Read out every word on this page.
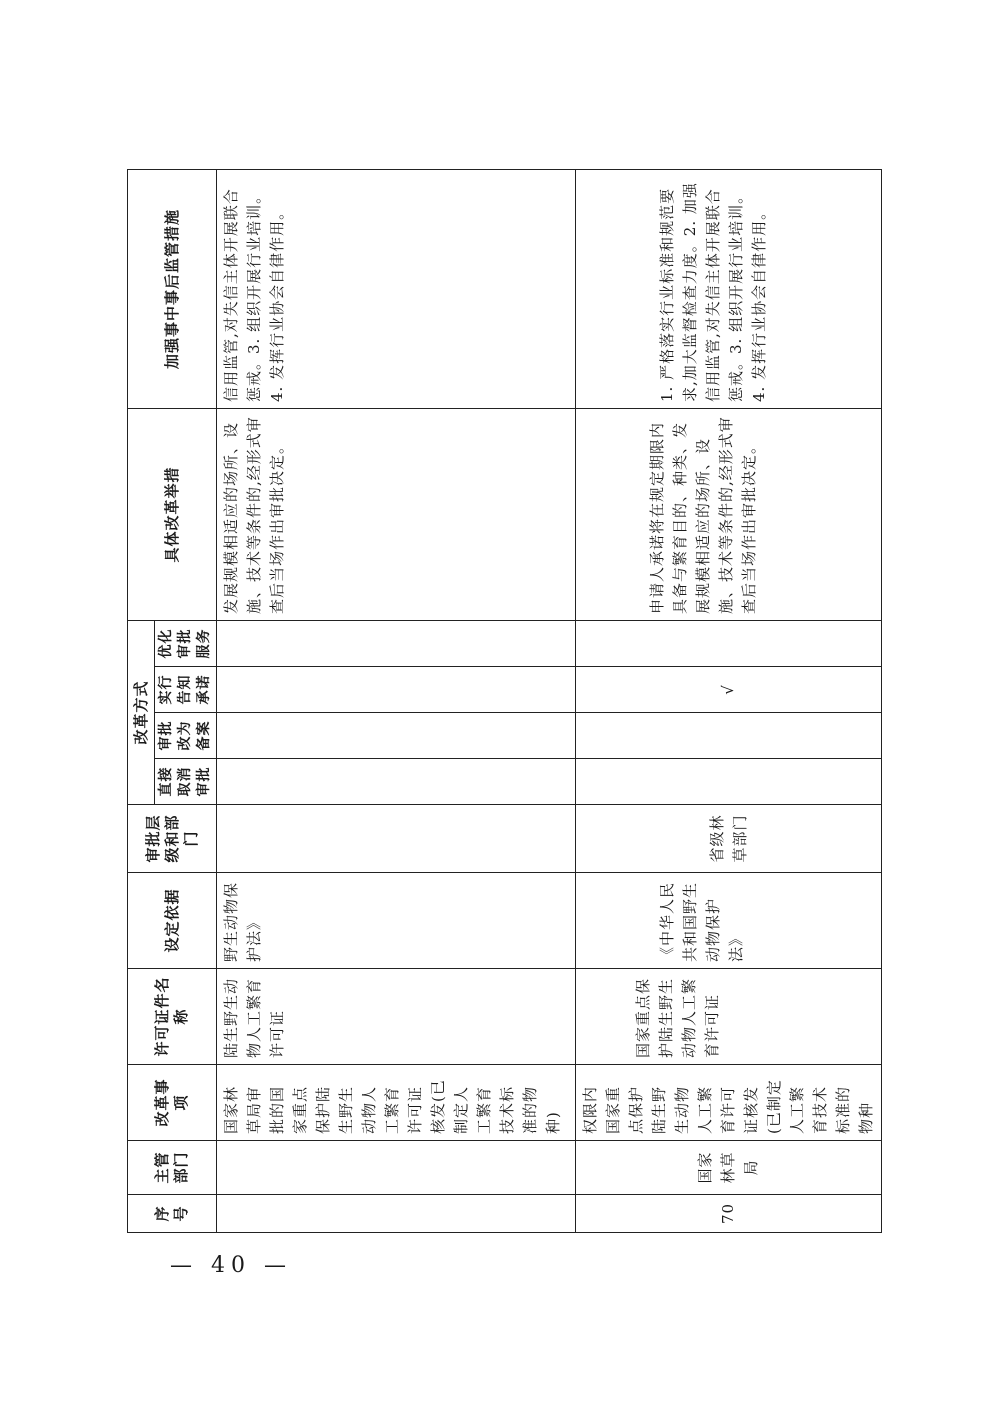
序号	主管部门	改革事项	许可证件名称	设定依据	审批层级和部门	改革方式				具体改革举措	加强事中事后监管措施
						直接取消审批	审批改为备案	实行告知承诺	优化审批服务		
		国家林草局审批的国家重点保护陆生野生动物人工繁育许可证核发(已制定人工繁育技术标准的物种)	陆生野生动物人工繁育许可证	野生动物保护法》						发展规模相适应的场所、设施、技术等条件的,经形式审查后当场作出审批决定。	信用监管,对失信主体开展联合惩戒。3. 组织开展行业培训。4. 发挥行业协会自律作用。
70	国家林草局	权限内国家重点保护陆生野生动物人工繁育许可证核发(已制定人工繁育技术标准的物种	国家重点保护陆生野生动物人工繁育许可证	《中华人民共和国野生动物保护法》	省级林草部门			√		申请人承诺将在规定期限内具备与繁育目的、种类、发展规模相适应的场所、设施、技术等条件的,经形式审查后当场作出审批决定。	1. 严格落实行业标准和规范要求,加大监督检查力度。2. 加强信用监管,对失信主体开展联合惩戒。3. 组织开展行业培训。4. 发挥行业协会自律作用。
— 40 —
